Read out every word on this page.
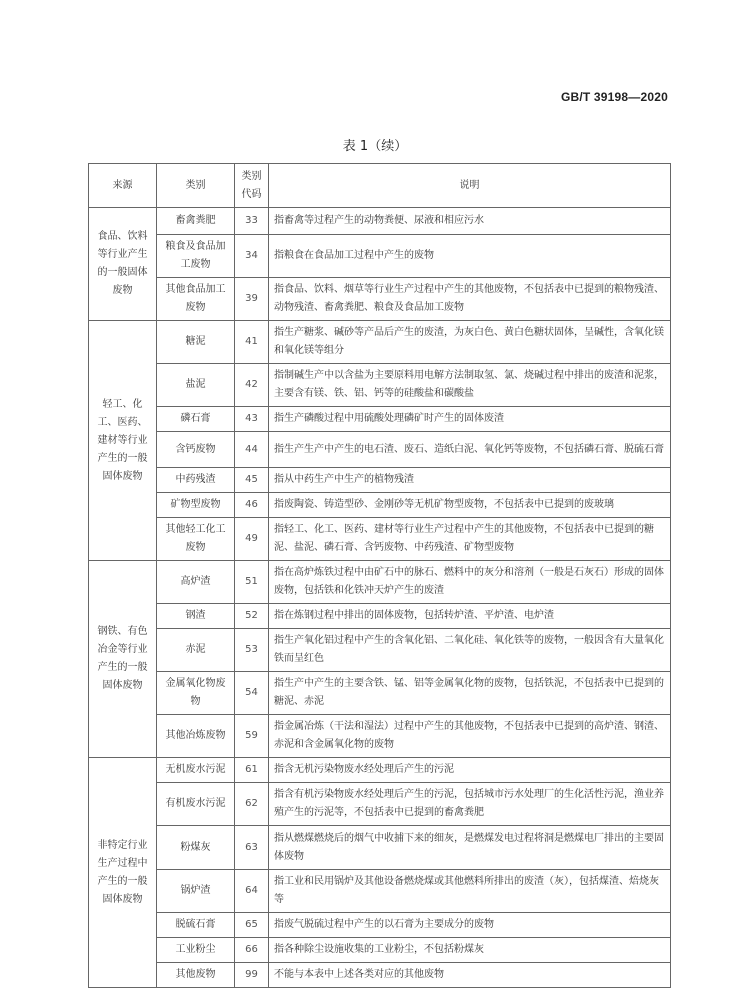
GB/T 39198—2020
表 1（续）
来源	类别	类别代码	说明
食品、饮料等行业产生的一般固体废物	畜禽粪肥	33	指畜禽等过程产生的动物粪便、尿液和相应污水
	粮食及食品加工废物	34	指粮食在食品加工过程中产生的废物
	其他食品加工废物	39	指食品、饮料、烟草等行业生产过程中产生的其他废物，不包括表中已提到的粮物残渣、动物残渣、畜禽粪肥、粮食及食品加工废物
轻工、化工、医药、建材等行业产生的一般固体废物	糖泥	41	指生产糖浆、碱砂等产品后产生的废渣，为灰白色、黄白色糖状固体，呈碱性，含氧化镁和氧化镁等组分
	盐泥	42	指制碱生产中以含盐为主要原料用电解方法制取氢、氯、烧碱过程中排出的废渣和泥浆，主要含有镁、铁、铝、钙等的硅酸盐和碳酸盐
	磷石膏	43	指生产磷酸过程中用硫酸处理磷矿时产生的固体废渣
	含钙废物	44	指生产生产中产生的电石渣、废石、造纸白泥、氧化钙等废物，不包括磷石膏、脱硫石膏
	中药残渣	45	指从中药生产中生产的植物残渣
	矿物型废物	46	指废陶瓷、铸造型砂、金刚砂等无机矿物型废物，不包括表中已提到的废玻璃
	其他轻工化工废物	49	指轻工、化工、医药、建材等行业生产过程中产生的其他废物，不包括表中已提到的糖泥、盐泥、磷石膏、含钙废物、中药残渣、矿物型废物
钢铁、有色冶金等行业产生的一般固体废物	高炉渣	51	指在高炉炼铁过程中由矿石中的脉石、燃料中的灰分和溶剂（一般是石灰石）形成的固体废物，包括铁和化铁冲天炉产生的废渣
	钢渣	52	指在炼钢过程中排出的固体废物，包括转炉渣、平炉渣、电炉渣
	赤泥	53	指生产氧化铝过程中产生的含氧化铝、二氧化硅、氧化铁等的废物，一般因含有大量氧化铁而呈红色
	金属氧化物废物	54	指生产中产生的主要含铁、锰、铝等金属氧化物的废物，包括铁泥，不包括表中已提到的糖泥、赤泥
	其他冶炼废物	59	指金属冶炼（干法和湿法）过程中产生的其他废物，不包括表中已提到的高炉渣、钢渣、赤泥和含金属氧化物的废物
非特定行业生产过程中产生的一般固体废物	无机废水污泥	61	指含无机污染物废水经处理后产生的污泥
	有机废水污泥	62	指含有机污染物废水经处理后产生的污泥，包括城市污水处理厂的生化活性污泥，渔业养殖产生的污泥等，不包括表中已提到的畜禽粪肥
	粉煤灰	63	指从燃煤燃烧后的烟气中收捕下来的细灰，是燃煤发电过程将洞是燃煤电厂排出的主要固体废物
	锅炉渣	64	指工业和民用锅炉及其他设备燃烧煤或其他燃料所排出的废渣（灰），包括煤渣、焙烧灰等
	脱硫石膏	65	指废气脱硫过程中产生的以石膏为主要成分的废物
	工业粉尘	66	指各种除尘设施收集的工业粉尘，不包括粉煤灰
	其他废物	99	不能与本表中上述各类对应的其他废物
